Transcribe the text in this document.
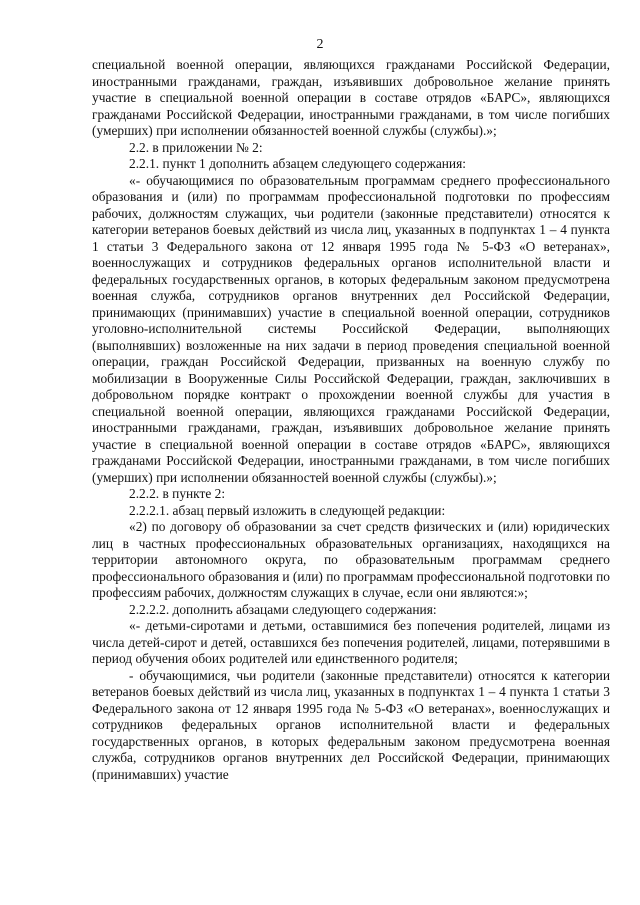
2

специальной военной операции, являющихся гражданами Российской Федерации, иностранными гражданами, граждан, изъявивших добровольное желание принять участие в специальной военной операции в составе отрядов «БАРС», являющихся гражданами Российской Федерации, иностранными гражданами, в том числе погибших (умерших) при исполнении обязанностей военной службы (службы).»;

2.2. в приложении № 2:

2.2.1. пункт 1 дополнить абзацем следующего содержания:

«- обучающимися по образовательным программам среднего профессионального образования и (или) по программам профессиональной подготовки по профессиям рабочих, должностям служащих, чьи родители (законные представители) относятся к категории ветеранов боевых действий из числа лиц, указанных в подпунктах 1 – 4 пункта 1 статьи 3 Федерального закона от 12 января 1995 года № 5-ФЗ «О ветеранах», военнослужащих и сотрудников федеральных органов исполнительной власти и федеральных государственных органов, в которых федеральным законом предусмотрена военная служба, сотрудников органов внутренних дел Российской Федерации, принимающих (принимавших) участие в специальной военной операции, сотрудников уголовно-исполнительной системы Российской Федерации, выполняющих (выполнявших) возложенные на них задачи в период проведения специальной военной операции, граждан Российской Федерации, призванных на военную службу по мобилизации в Вооруженные Силы Российской Федерации, граждан, заключивших в добровольном порядке контракт о прохождении военной службы для участия в специальной военной операции, являющихся гражданами Российской Федерации, иностранными гражданами, граждан, изъявивших добровольное желание принять участие в специальной военной операции в составе отрядов «БАРС», являющихся гражданами Российской Федерации, иностранными гражданами, в том числе погибших (умерших) при исполнении обязанностей военной службы (службы).»;

2.2.2. в пункте 2:

2.2.2.1. абзац первый изложить в следующей редакции:

«2) по договору об образовании за счет средств физических и (или) юридических лиц в частных профессиональных образовательных организациях, находящихся на территории автономного округа, по образовательным программам среднего профессионального образования и (или) по программам профессиональной подготовки по профессиям рабочих, должностям служащих в случае, если они являются:»;

2.2.2.2. дополнить абзацами следующего содержания:

«- детьми-сиротами и детьми, оставшимися без попечения родителей, лицами из числа детей-сирот и детей, оставшихся без попечения родителей, лицами, потерявшими в период обучения обоих родителей или единственного родителя;

- обучающимися, чьи родители (законные представители) относятся к категории ветеранов боевых действий из числа лиц, указанных в подпунктах 1 – 4 пункта 1 статьи 3 Федерального закона от 12 января 1995 года № 5-ФЗ «О ветеранах», военнослужащих и сотрудников федеральных органов исполнительной власти и федеральных государственных органов, в которых федеральным законом предусмотрена военная служба, сотрудников органов внутренних дел Российской Федерации, принимающих (принимавших) участие
